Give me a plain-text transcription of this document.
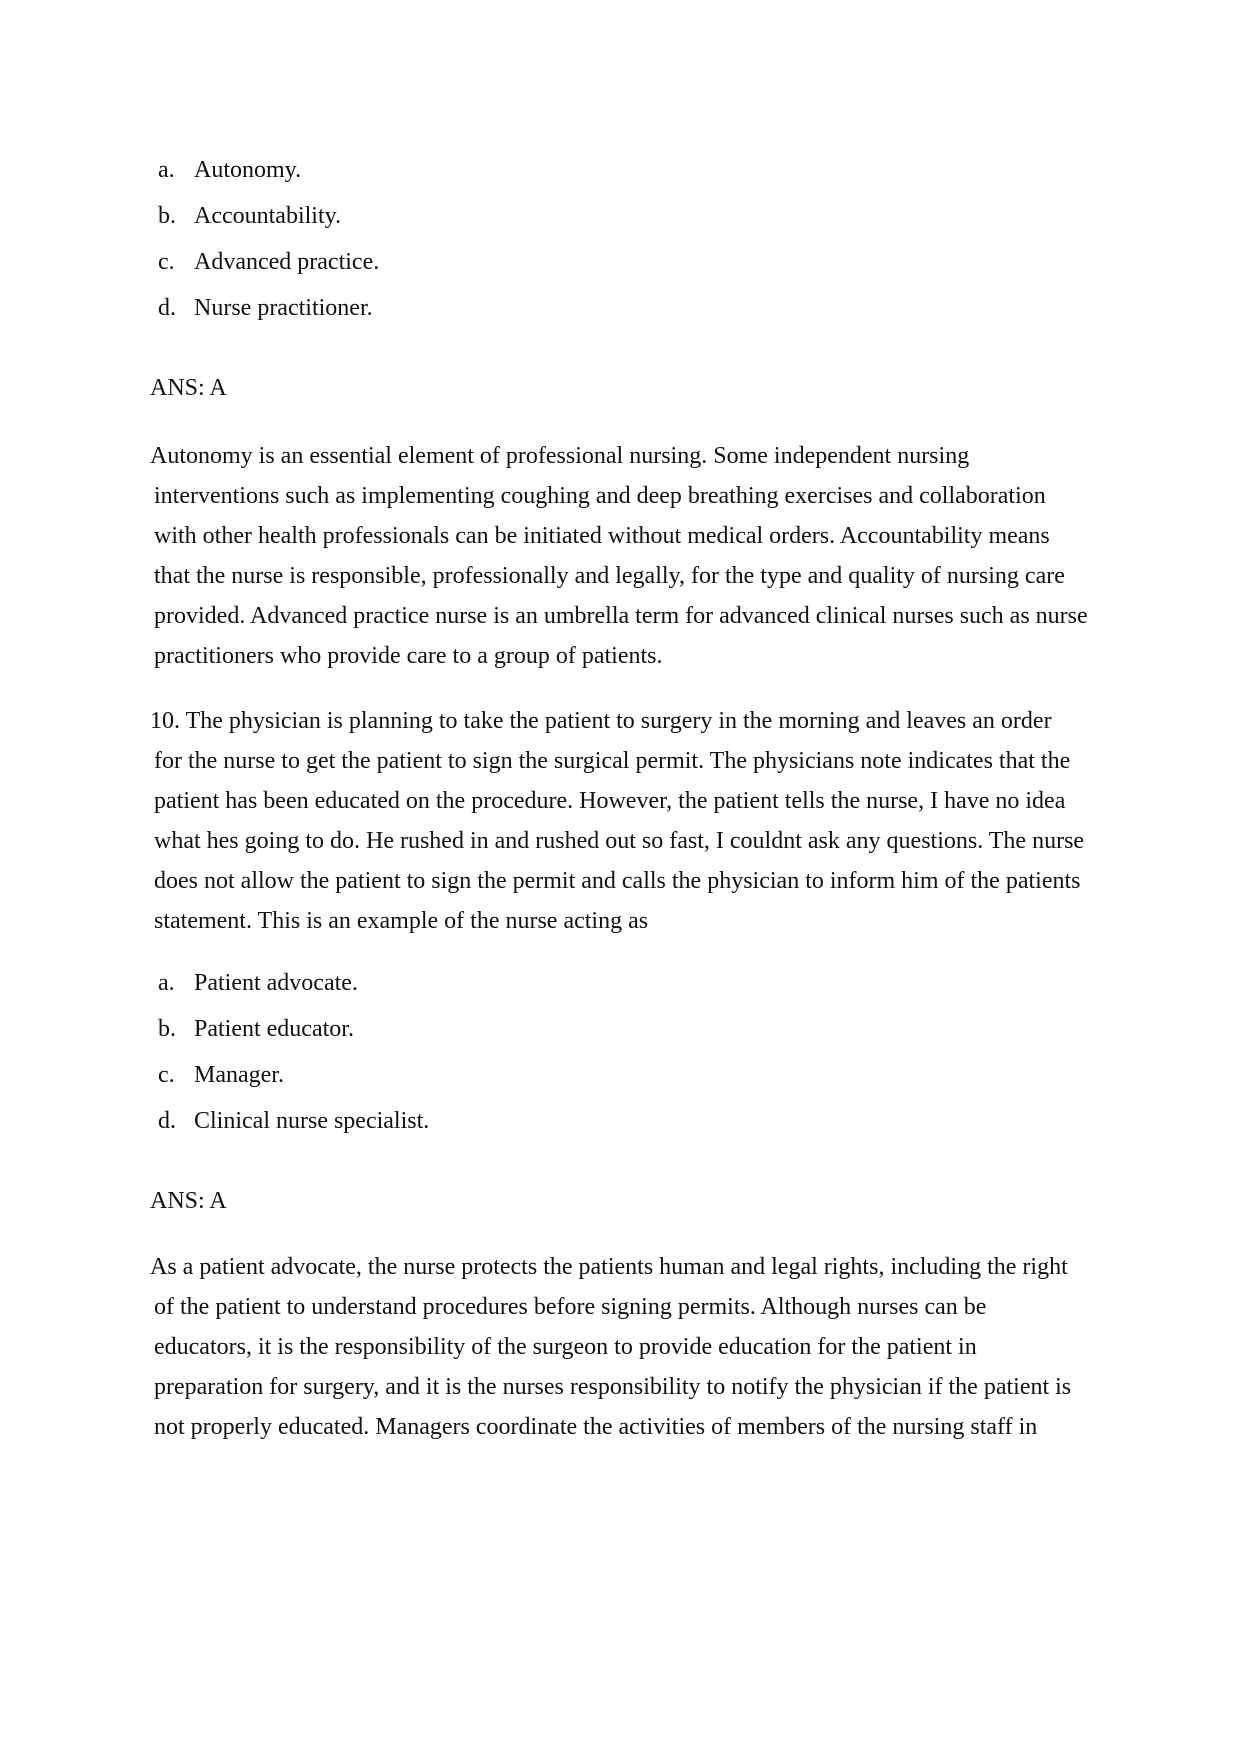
a. Autonomy.
b. Accountability.
c. Advanced practice.
d. Nurse practitioner.
ANS: A
Autonomy is an essential element of professional nursing. Some independent nursing
interventions such as implementing coughing and deep breathing exercises and collaboration
with other health professionals can be initiated without medical orders. Accountability means
that the nurse is responsible, professionally and legally, for the type and quality of nursing care
provided. Advanced practice nurse is an umbrella term for advanced clinical nurses such as nurse
practitioners who provide care to a group of patients.
10. The physician is planning to take the patient to surgery in the morning and leaves an order
for the nurse to get the patient to sign the surgical permit. The physicians note indicates that the
patient has been educated on the procedure. However, the patient tells the nurse, I have no idea
what hes going to do. He rushed in and rushed out so fast, I couldnt ask any questions. The nurse
does not allow the patient to sign the permit and calls the physician to inform him of the patients
statement. This is an example of the nurse acting as
a. Patient advocate.
b. Patient educator.
c. Manager.
d. Clinical nurse specialist.
ANS: A
As a patient advocate, the nurse protects the patients human and legal rights, including the right
of the patient to understand procedures before signing permits. Although nurses can be
educators, it is the responsibility of the surgeon to provide education for the patient in
preparation for surgery, and it is the nurses responsibility to notify the physician if the patient is
not properly educated. Managers coordinate the activities of members of the nursing staff in
